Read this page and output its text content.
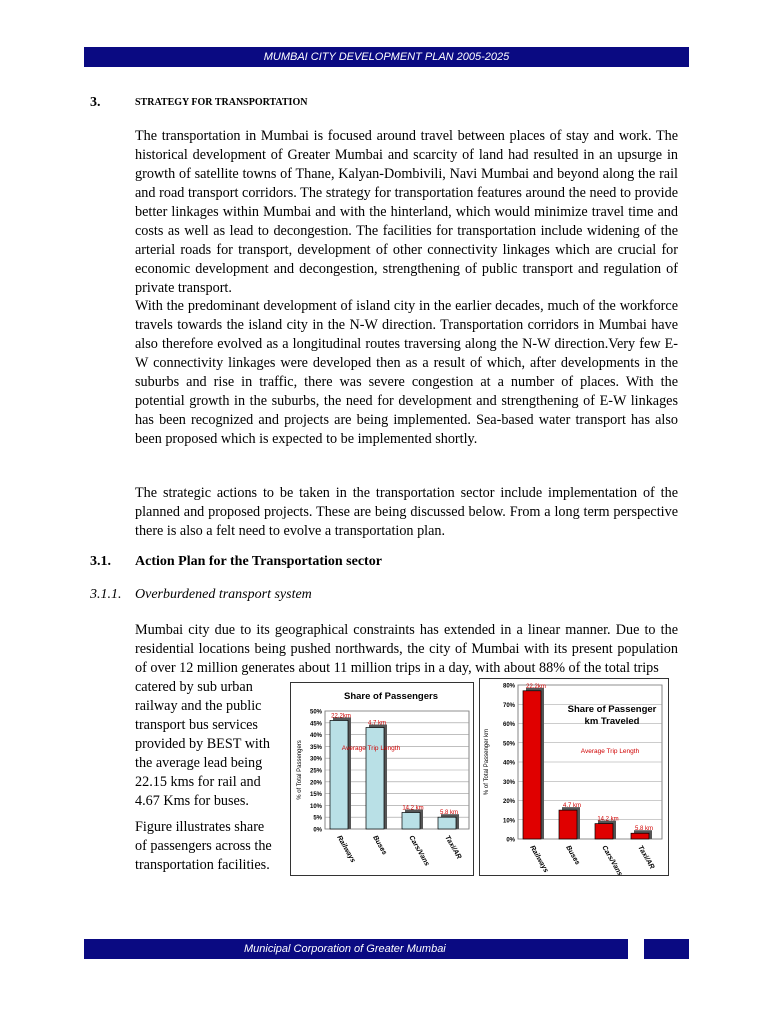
MUMBAI CITY DEVELOPMENT PLAN 2005-2025
3.	STRATEGY FOR TRANSPORTATION

The transportation in Mumbai is focused around travel between places of stay and work. The historical development of Greater Mumbai and scarcity of land had resulted in an upsurge in growth of satellite towns of Thane, Kalyan-Dombivili, Navi Mumbai and beyond along the rail and road transport corridors. The strategy for transportation features around the need to provide better linkages within Mumbai and with the hinterland, which would minimize travel time and costs as well as lead to decongestion. The facilities for transportation include widening of the arterial roads for transport, development of other connectivity linkages which are crucial for economic development and decongestion, strengthening of public transport and regulation of private transport.

With the predominant development of island city in the earlier decades, much of the workforce travels towards the island city in the N-W direction. Transportation corridors in Mumbai have also therefore evolved as a longitudinal routes traversing along the N-W direction.Very few E-W connectivity linkages were developed then as a result of which, after developments in the suburbs and rise in traffic, there was severe congestion at a number of places. With the potential growth in the suburbs, the need for development and strengthening of E-W linkages has been recognized and projects are being implemented. Sea-based water transport has also been proposed which is expected to be implemented shortly.

The strategic actions to be taken in the transportation sector include implementation of the planned and proposed projects. These are being discussed below. From a long term perspective there is also a felt need to evolve a transportation plan.

3.1. Action Plan for the Transportation sector
3.1.1. Overburdened transport system

Mumbai city due to its geographical constraints has extended in a linear manner. Due to the residential locations being pushed northwards, the city of Mumbai with its present population of over 12 million generates about 11 million trips in a day, with about 88% of the total trips

catered by sub urban railway and the public transport bus services provided by BEST with the average lead being 22.15 kms for rail and 4.67 Kms for buses.

Figure illustrates share of passengers across the transportation facilities.

0%
5%
10%
15%
20%
25%
30%
35%
40%
45%
50%
% of Total Passengers
22.2km
Railways
4.7 km
Buses
14.2 km
Cars/Vans
5.8 km
Taxi/AR
Average Trip Length
Share of Passengers
0%
10%
20%
30%
40%
50%
60%
70%
80%
% of Total Passenger km
22.2km
Railways
4.7 km
Buses
14.2 km
Cars/Vans
5.8 km
Taxi/AR
Average Trip Length
Share of Passenger
km Traveled
Municipal Corporation of Greater Mumbai
